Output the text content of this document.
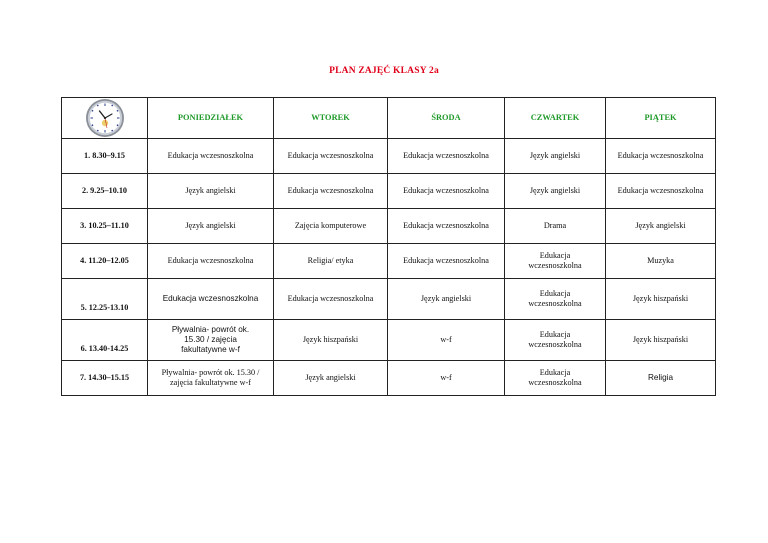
PLAN ZAJĘĆ KLASY 2a
	PONIEDZIAŁEK	WTOREK	ŚRODA	CZWARTEK	PIĄTEK
1. 8.30–9.15	Edukacja wczesnoszkolna	Edukacja wczesnoszkolna	Edukacja wczesnoszkolna	Język angielski	Edukacja wczesnoszkolna
2. 9.25–10.10	Język angielski	Edukacja wczesnoszkolna	Edukacja wczesnoszkolna	Język angielski	Edukacja wczesnoszkolna
3. 10.25–11.10	Język angielski	Zajęcia komputerowe	Edukacja wczesnoszkolna	Drama	Język angielski
4. 11.20–12.05	Edukacja wczesnoszkolna	Religia/ etyka	Edukacja wczesnoszkolna	Edukacja wczesnoszkolna	Muzyka
5. 12.25-13.10	Edukacja wczesnoszkolna	Edukacja wczesnoszkolna	Język angielski	Edukacja wczesnoszkolna	Język hiszpański
6. 13.40-14.25	Pływalnia- powrót ok. 15.30 / zajęcia fakultatywne w-f	Język hiszpański	w-f	Edukacja wczesnoszkolna	Język hiszpański
7. 14.30–15.15	Pływalnia- powrót ok. 15.30 / zajęcia fakultatywne w-f	Język angielski	w-f	Edukacja wczesnoszkolna	Religia
